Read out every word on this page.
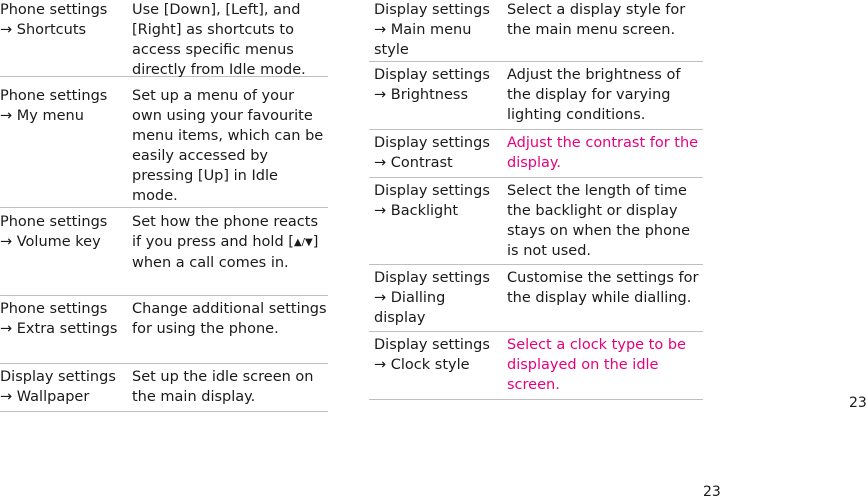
Phone settings
→ Shortcuts
Use [Down], [Left], and [Right] as shortcuts to access specific menus directly from Idle mode.
Phone settings
→ My menu
Set up a menu of your own using your favourite menu items, which can be easily accessed by pressing [Up] in Idle mode.
Phone settings
→ Volume key
Set how the phone reacts if you press and hold [▲/▼] when a call comes in.
Phone settings
→ Extra settings
Change additional settings for using the phone.
Display settings
→ Wallpaper
Set up the idle screen on the main display.
Display settings
→ Main menu style
Select a display style for the main menu screen.
Display settings
→ Brightness
Adjust the brightness of the display for varying lighting conditions.
Display settings
→ Contrast
Adjust the contrast for the display.
Display settings
→ Backlight
Select the length of time the backlight or display stays on when the phone is not used.
Display settings
→ Dialling display
Customise the settings for the display while dialling.
Display settings
→ Clock style
Select a clock type to be displayed on the idle screen.
23
23
